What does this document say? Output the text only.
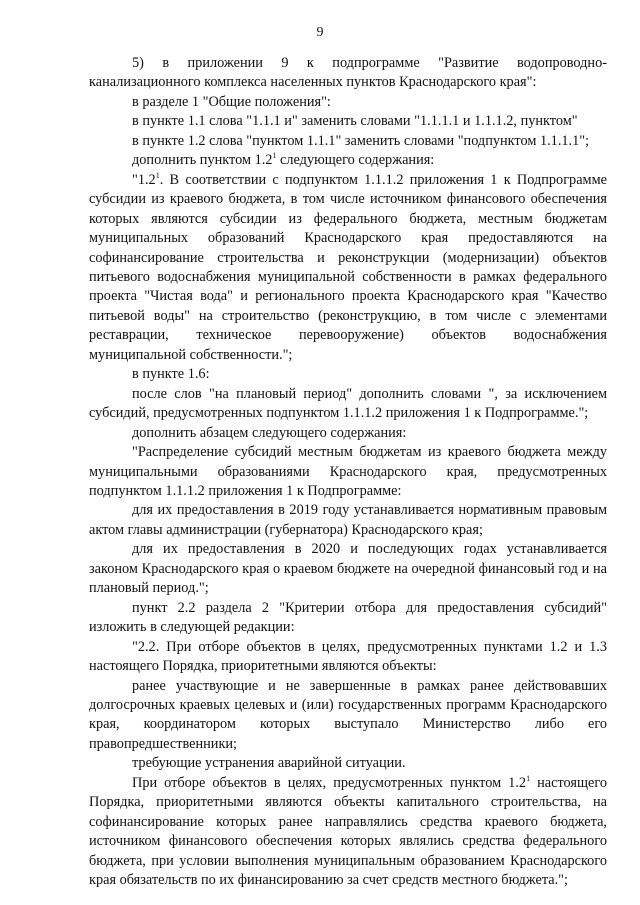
9

5) в приложении 9 к подпрограмме "Развитие водопроводно-канализационного комплекса населенных пунктов Краснодарского края":

в разделе 1 "Общие положения":

в пункте 1.1 слова "1.1.1 и" заменить словами "1.1.1.1 и 1.1.1.2, пунктом"

в пункте 1.2 слова "пунктом 1.1.1" заменить словами "подпунктом 1.1.1.1";

дополнить пунктом $1.2^1$ следующего содержания:

"$1.2^1$. В соответствии с подпунктом 1.1.1.2 приложения 1 к Подпрограмме субсидии из краевого бюджета, в том числе источником финансового обеспечения которых являются субсидии из федерального бюджета, местным бюджетам муниципальных образований Краснодарского края предоставляются на софинансирование строительства и реконструкции (модернизации) объектов питьевого водоснабжения муниципальной собственности в рамках федерального проекта "Чистая вода" и регионального проекта Краснодарского края "Качество питьевой воды" на строительство (реконструкцию, в том числе с элементами реставрации, техническое перевооружение) объектов водоснабжения муниципальной собственности.";

в пункте 1.6:

после слов "на плановый период" дополнить словами ", за исключением субсидий, предусмотренных подпунктом 1.1.1.2 приложения 1 к Подпрограмме.";

дополнить абзацем следующего содержания:

"Распределение субсидий местным бюджетам из краевого бюджета между муниципальными образованиями Краснодарского края, предусмотренных подпунктом 1.1.1.2 приложения 1 к Подпрограмме:

для их предоставления в 2019 году устанавливается нормативным правовым актом главы администрации (губернатора) Краснодарского края;

для их предоставления в 2020 и последующих годах устанавливается законом Краснодарского края о краевом бюджете на очередной финансовый год и на плановый период.";

пункт 2.2 раздела 2 "Критерии отбора для предоставления субсидий" изложить в следующей редакции:

"2.2. При отборе объектов в целях, предусмотренных пунктами 1.2 и 1.3 настоящего Порядка, приоритетными являются объекты:

ранее участвующие и не завершенные в рамках ранее действовавших долгосрочных краевых целевых и (или) государственных программ Краснодарского края, координатором которых выступало Министерство либо его правопредшественники;

требующие устранения аварийной ситуации.

При отборе объектов в целях, предусмотренных пунктом $1.2^1$ настоящего Порядка, приоритетными являются объекты капитального строительства, на софинансирование которых ранее направлялись средства краевого бюджета, источником финансового обеспечения которых являлись средства федерального бюджета, при условии выполнения муниципальным образованием Краснодарского края обязательств по их финансированию за счет средств местного бюджета.";
